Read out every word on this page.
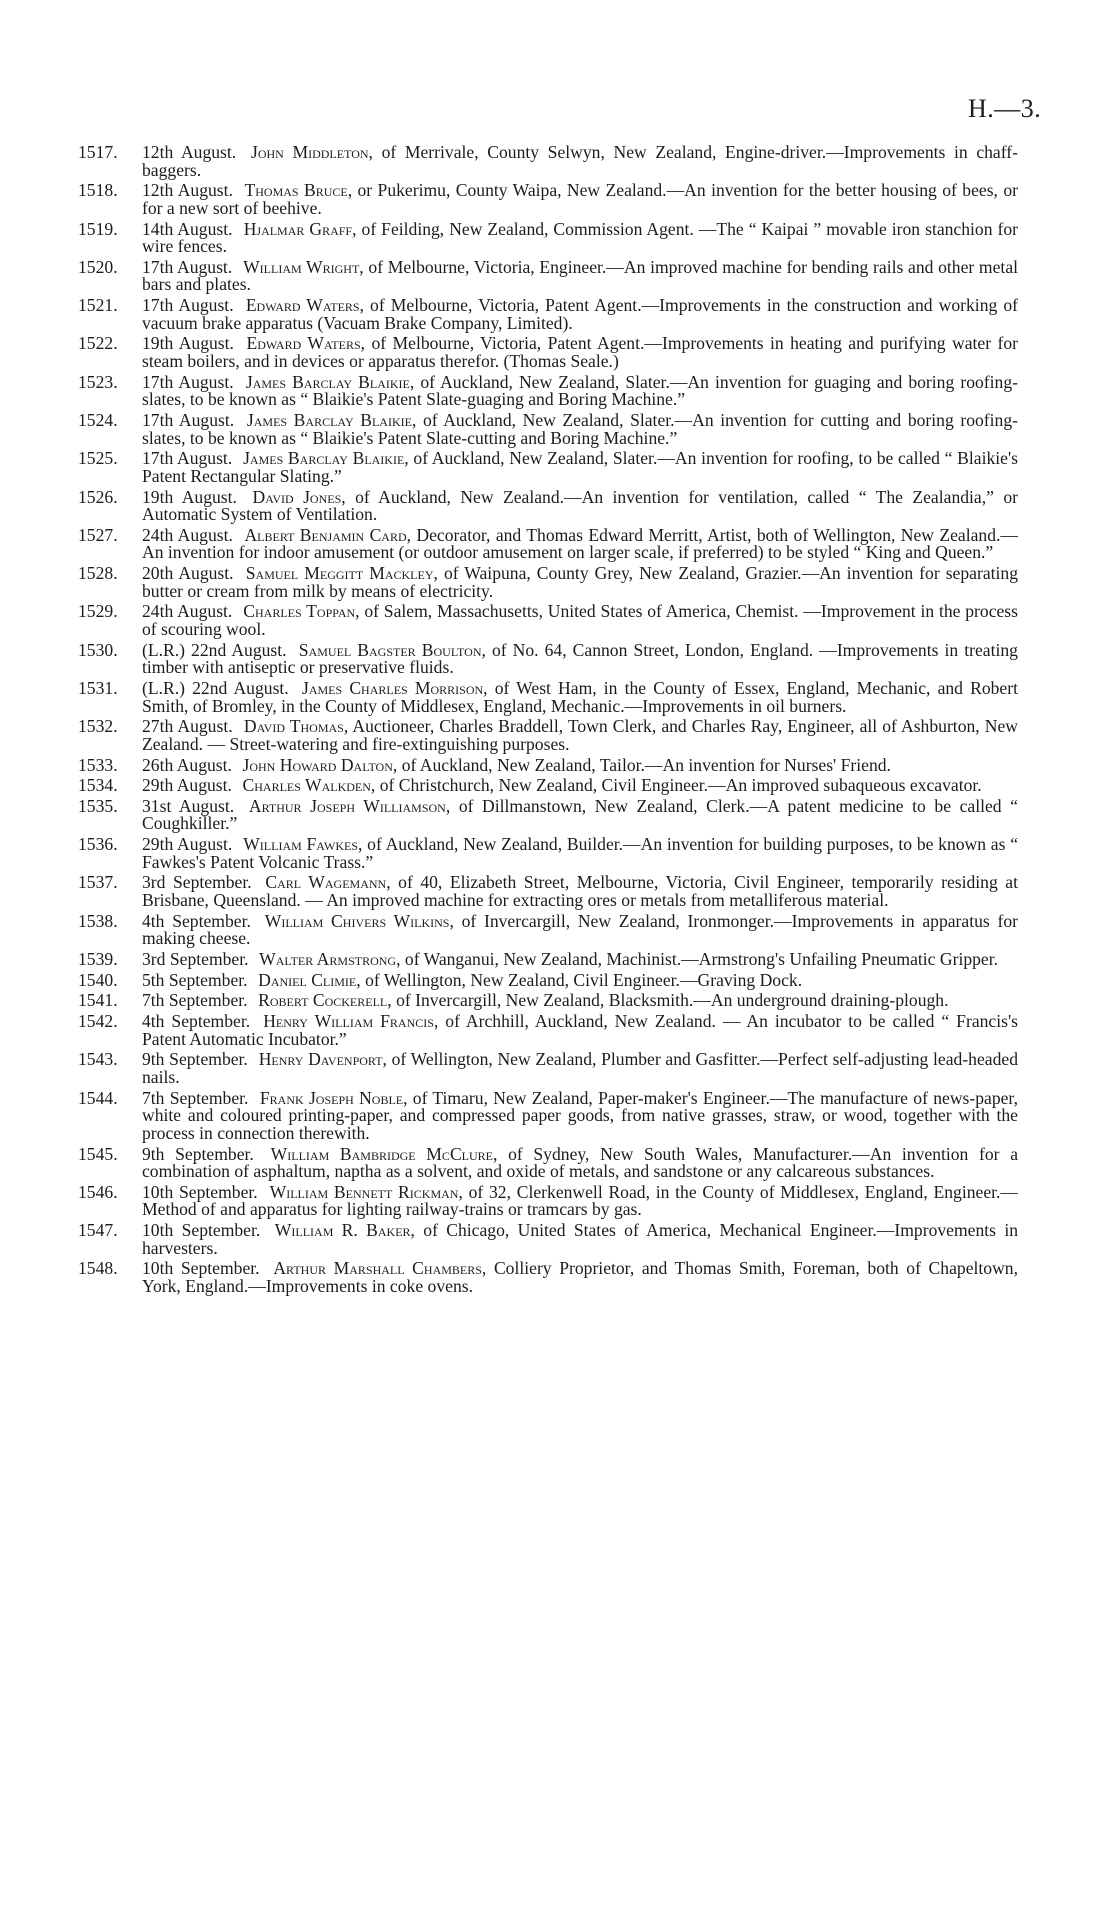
H.—3.
1517. 12th August. John Middleton, of Merrivale, County Selwyn, New Zealand, Engine-driver.—Improvements in chaff-baggers.
1518. 12th August. Thomas Bruce, or Pukerimu, County Waipa, New Zealand.—An invention for the better housing of bees, or for a new sort of beehive.
1519. 14th August. Hjalmar Graff, of Feilding, New Zealand, Commission Agent. —The “ Kaipai ” movable iron stanchion for wire fences.
1520. 17th August. William Wright, of Melbourne, Victoria, Engineer.—An improved machine for bending rails and other metal bars and plates.
1521. 17th August. Edward Waters, of Melbourne, Victoria, Patent Agent.—Improvements in the construction and working of vacuum brake apparatus (Vacuam Brake Company, Limited).
1522. 19th August. Edward Waters, of Melbourne, Victoria, Patent Agent.—Improvements in heating and purifying water for steam boilers, and in devices or apparatus therefor. (Thomas Seale.)
1523. 17th August. James Barclay Blaikie, of Auckland, New Zealand, Slater.—An invention for guaging and boring roofing-slates, to be known as “ Blaikie's Patent Slate-guaging and Boring Machine.”
1524. 17th August. James Barclay Blaikie, of Auckland, New Zealand, Slater.—An invention for cutting and boring roofing-slates, to be known as “ Blaikie's Patent Slate-cutting and Boring Machine.”
1525. 17th August. James Barclay Blaikie, of Auckland, New Zealand, Slater.—An invention for roofing, to be called “ Blaikie's Patent Rectangular Slating.”
1526. 19th August. David Jones, of Auckland, New Zealand.—An invention for ventilation, called “ The Zealandia,” or Automatic System of Ventilation.
1527. 24th August. Albert Benjamin Card, Decorator, and Thomas Edward Merritt, Artist, both of Wellington, New Zealand.—An invention for indoor amusement (or outdoor amusement on larger scale, if preferred) to be styled “ King and Queen.”
1528. 20th August. Samuel Meggitt Mackley, of Waipuna, County Grey, New Zealand, Grazier.—An invention for separating butter or cream from milk by means of electricity.
1529. 24th August. Charles Toppan, of Salem, Massachusetts, United States of America, Chemist. —Improvement in the process of scouring wool.
1530. (L.R.) 22nd August. Samuel Bagster Boulton, of No. 64, Cannon Street, London, England. —Improvements in treating timber with antiseptic or preservative fluids.
1531. (L.R.) 22nd August. James Charles Morrison, of West Ham, in the County of Essex, England, Mechanic, and Robert Smith, of Bromley, in the County of Middlesex, England, Mechanic.—Improvements in oil burners.
1532. 27th August. David Thomas, Auctioneer, Charles Braddell, Town Clerk, and Charles Ray, Engineer, all of Ashburton, New Zealand. — Street-watering and fire-extinguishing purposes.
1533. 26th August. John Howard Dalton, of Auckland, New Zealand, Tailor.—An invention for Nurses' Friend.
1534. 29th August. Charles Walkden, of Christchurch, New Zealand, Civil Engineer.—An improved subaqueous excavator.
1535. 31st August. Arthur Joseph Williamson, of Dillmanstown, New Zealand, Clerk.—A patent medicine to be called “ Coughkiller.”
1536. 29th August. William Fawkes, of Auckland, New Zealand, Builder.—An invention for building purposes, to be known as “ Fawkes's Patent Volcanic Trass.”
1537. 3rd September. Carl Wagemann, of 40, Elizabeth Street, Melbourne, Victoria, Civil Engineer, temporarily residing at Brisbane, Queensland. — An improved machine for extracting ores or metals from metalliferous material.
1538. 4th September. William Chivers Wilkins, of Invercargill, New Zealand, Ironmonger.—Improvements in apparatus for making cheese.
1539. 3rd September. Walter Armstrong, of Wanganui, New Zealand, Machinist.—Armstrong's Unfailing Pneumatic Gripper.
1540. 5th September. Daniel Climie, of Wellington, New Zealand, Civil Engineer.—Graving Dock.
1541. 7th September. Robert Cockerell, of Invercargill, New Zealand, Blacksmith.—An underground draining-plough.
1542. 4th September. Henry William Francis, of Archhill, Auckland, New Zealand. — An incubator to be called “ Francis's Patent Automatic Incubator.”
1543. 9th September. Henry Davenport, of Wellington, New Zealand, Plumber and Gasfitter.—Perfect self-adjusting lead-headed nails.
1544. 7th September. Frank Joseph Noble, of Timaru, New Zealand, Paper-maker's Engineer.—The manufacture of news-paper, white and coloured printing-paper, and compressed paper goods, from native grasses, straw, or wood, together with the process in connection therewith.
1545. 9th September. William Bambridge McClure, of Sydney, New South Wales, Manufacturer.—An invention for a combination of asphaltum, naptha as a solvent, and oxide of metals, and sandstone or any calcareous substances.
1546. 10th September. William Bennett Rickman, of 32, Clerkenwell Road, in the County of Middlesex, England, Engineer.—Method of and apparatus for lighting railway-trains or tramcars by gas.
1547. 10th September. William R. Baker, of Chicago, United States of America, Mechanical Engineer.—Improvements in harvesters.
1548. 10th September. Arthur Marshall Chambers, Colliery Proprietor, and Thomas Smith, Foreman, both of Chapeltown, York, England.—Improvements in coke ovens.
